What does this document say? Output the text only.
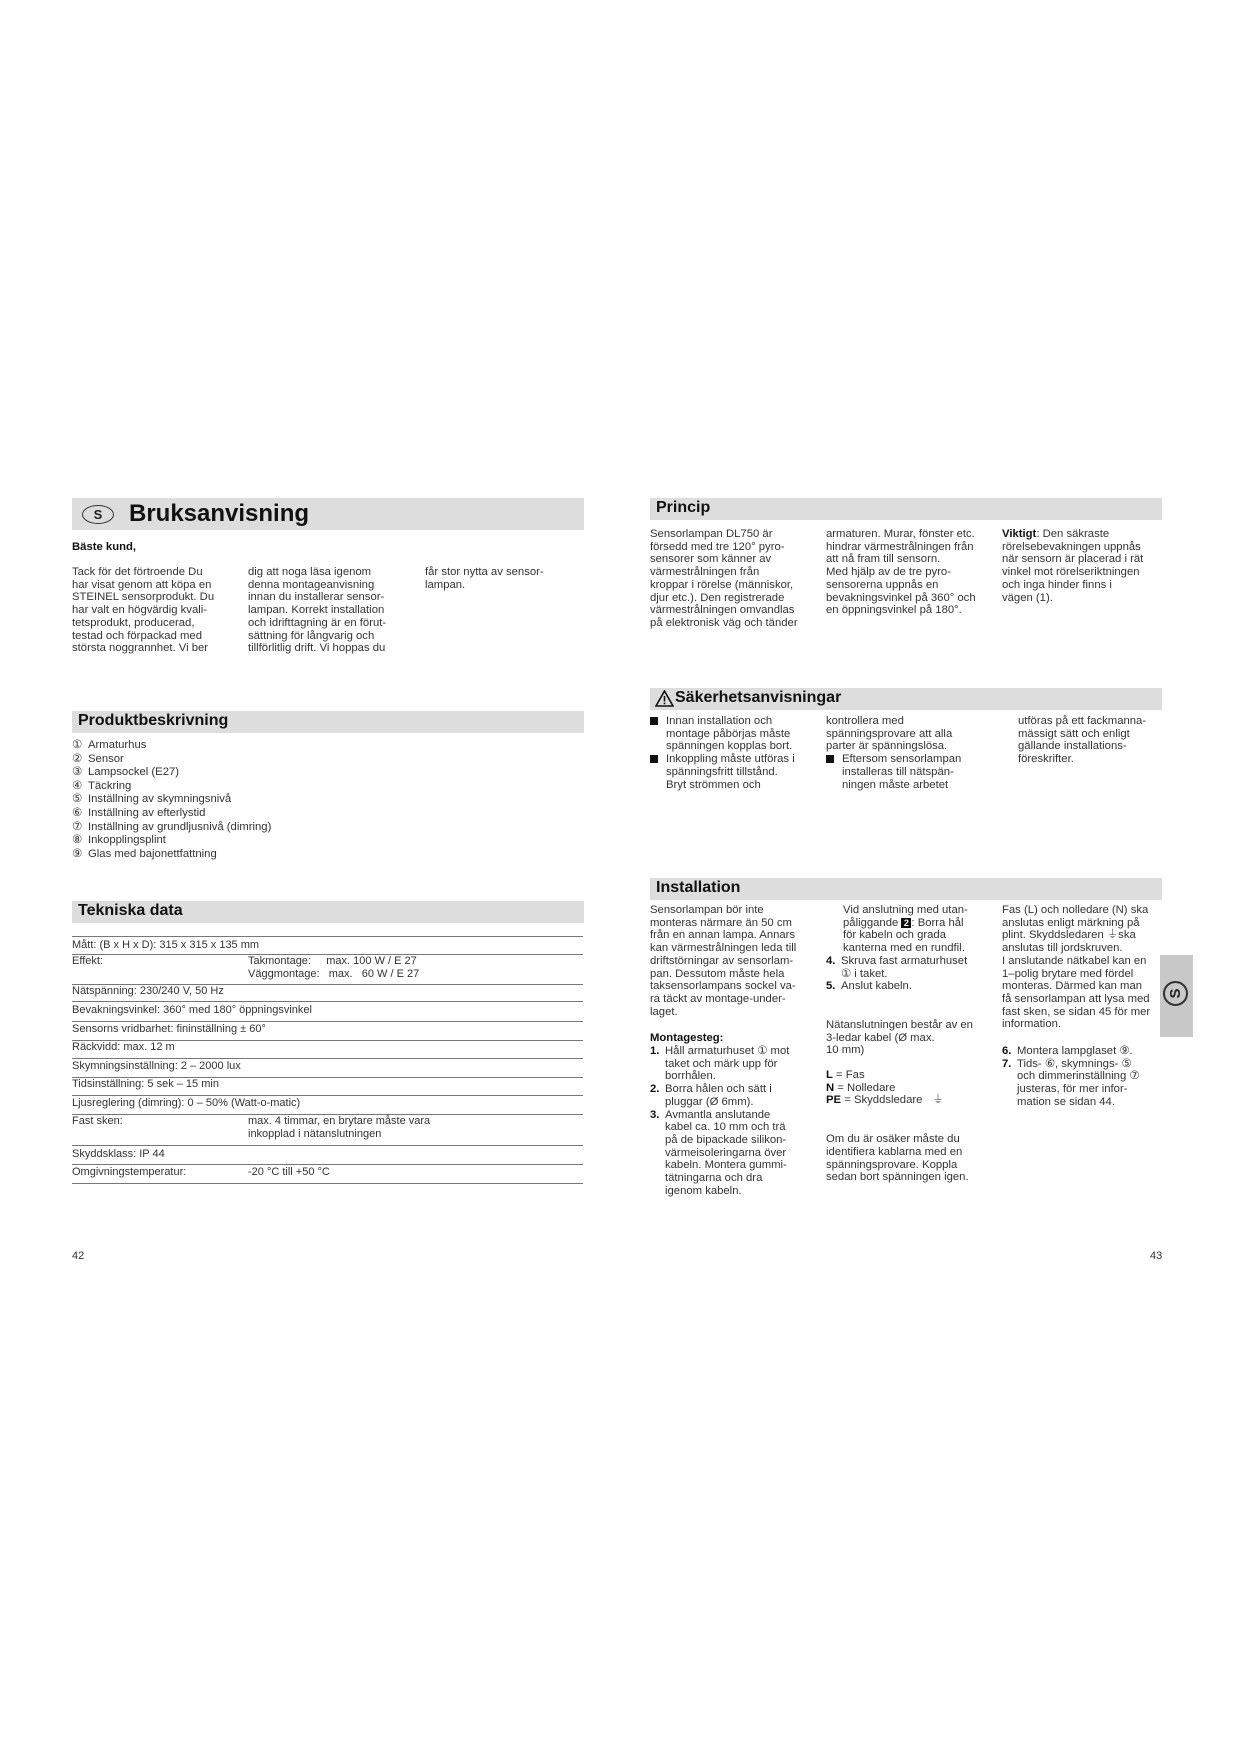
S	Bruksanvisning
Bäste kund,

Tack för det förtroende Du

har visat genom att köpa en

STEINEL sensorprodukt. Du

har valt en högvärdig kvali-

tetsprodukt, producerad,

testad och förpackad med

största noggrannhet. Vi ber

dig att noga läsa igenom

denna montageanvisning

innan du installerar sensor-

lampan. Korrekt installation

och idrifttagning är en förut-

sättning för långvarig och

tillförlitlig drift. Vi hoppas du

får stor nytta av sensor-

lampan.

Produktbeskrivning
① Armaturhus
② Sensor
③ Lampsockel (E27)
④ Täckring
⑤ Inställning av skymningsnivå
⑥ Inställning av efterlystid
⑦ Inställning av grundljusnivå (dimring)
⑧ Inkopplingsplint
⑨ Glas med bajonettfattning
Tekniska data
Mått: (B x H x D): 315 x 315 x 135 mm
Effekt:	Takmontage:     max. 100 W / E 27
Väggmontage:   max.   60 W / E 27
Nätspänning: 230/240 V, 50 Hz
Bevakningsvinkel: 360° med 180° öppningsvinkel
Sensorns vridbarhet: fininställning ± 60°
Räckvidd: max. 12 m
Skymningsinställning: 2 – 2000 lux
Tidsinställning: 5 sek – 15 min
Ljusreglering (dimring): 0 – 50% (Watt-o-matic)
Fast sken:	max. 4 timmar, en brytare måste vara
inkopplad i nätanslutningen
Skyddsklass: IP 44
Omgivningstemperatur:	-20 °C till +50 °C
42
Princip

Sensorlampan DL750 är

försedd med tre 120° pyro-

sensorer som känner av

värmestrålningen från

kroppar i rörelse (människor,

djur etc.). Den registrerade

värmestrålningen omvandlas

på elektronisk väg och tänder

armaturen. Murar, fönster etc.

hindrar värmestrålningen från

att nå fram till sensorn.

Med hjälp av de tre pyro-

sensorerna uppnås en

bevakningsvinkel på 360° och

en öppningsvinkel på 180°.

Viktigt: Den säkraste

rörelsebevakningen uppnås

när sensorn är placerad i rät

vinkel mot rörelseriktningen

och inga hinder finns i

vägen (1).

Säkerhetsanvisningar

Innan installation och

montage påbörjas måste

spänningen kopplas bort.

Inkoppling måste utföras i

spänningsfritt tillstånd.

Bryt strömmen och

kontrollera med

spänningsprovare att alla

parter är spänningslösa.

Eftersom sensorlampan

installeras till nätspän-

ningen måste arbetet

utföras på ett fackmanna-

mässigt sätt och enligt

gällande installations-

föreskrifter.

Installation

Sensorlampan bör inte

monteras närmare än 50 cm

från en annan lampa. Annars

kan värmestrålningen leda till

driftstörningar av sensorlam-

pan. Dessutom måste hela

taksensorlampans sockel va-

ra täckt av montage-under-

laget.

Montagesteg:

1. Håll armaturhuset ① mot

taket och märk upp för

borrhålen.

2. Borra hålen och sätt i

pluggar (Ø 6mm).

3. Avmantla anslutande

kabel ca. 10 mm och trä

på de bipackade silikon-

värmeisoleringarna över

kabeln. Montera gummi-

tätningarna och dra

igenom kabeln.

Vid anslutning med utan-

påliggande 2 : Borra hål

för kabeln och grada

kanterna med en rundfil.

4. Skruva fast armaturhuset

① i taket.

5. Anslut kabeln.

Nätanslutningen består av en

3-ledar kabel (Ø max.

10 mm)

L = Fas

N = Nolledare

PE = Skyddsledare ⏚

Om du är osäker måste du

identifiera kablarna med en

spänningsprovare. Koppla

sedan bort spänningen igen.

Fas (L) och nolledare (N) ska

anslutas enligt märkning på

plint. Skyddsledaren ⏚ska

anslutas till jordskruven.

I anslutande nätkabel kan en

1–polig brytare med fördel

monteras. Därmed kan man

få sensorlampan att lysa med

fast sken, se sidan 45 för mer

information.

6. Montera lampglaset ⑨.

7. Tids- ⑥, skymnings- ⑤

och dimmerinställning ⑦

justeras, för mer infor-

mation se sidan 44.

S
43
